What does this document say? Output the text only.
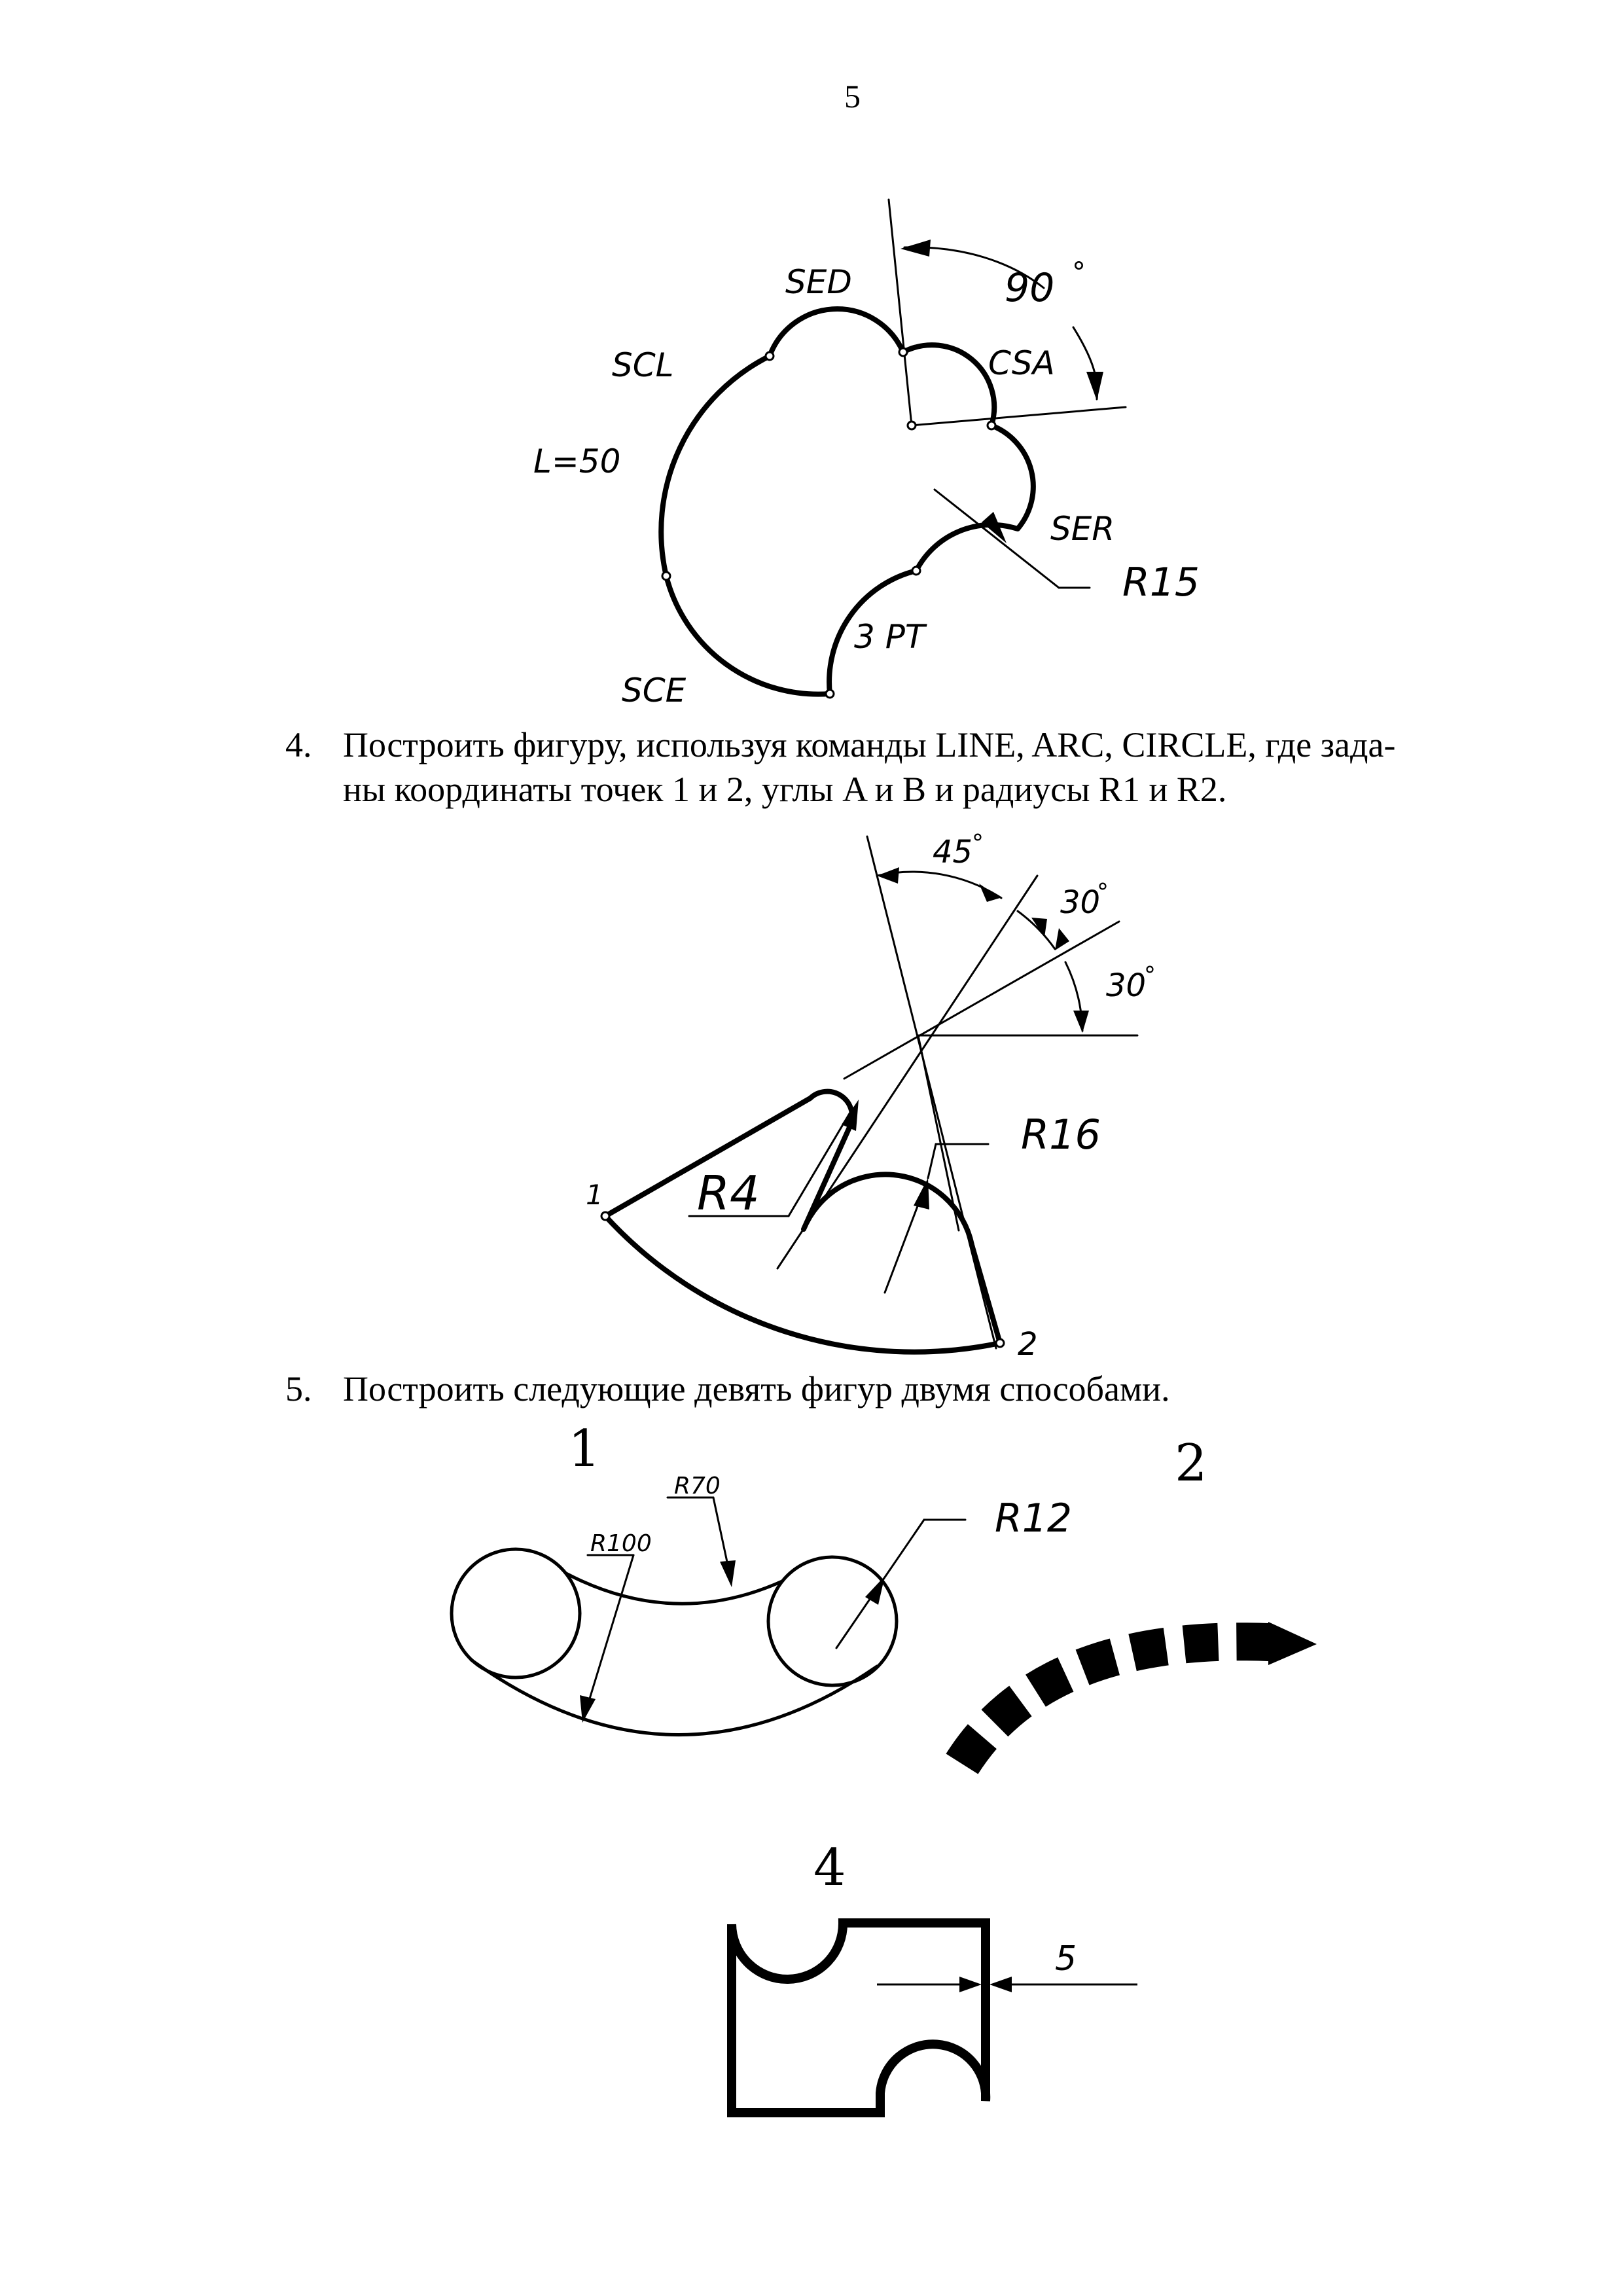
5
SED
SCL
L=50
SCE
CSA
SER
R15
3 PT
90 °
4. Построить фигуру, используя команды LINE, ARC, CIRCLE, где зада-
ны координаты точек 1 и 2, углы A и B и радиусы R1 и R2.
45
°
30
°
30
°
R16
R4
1
2
5. Построить следующие девять фигур двумя способами.
1	2
4
R70
R100
R12
5
